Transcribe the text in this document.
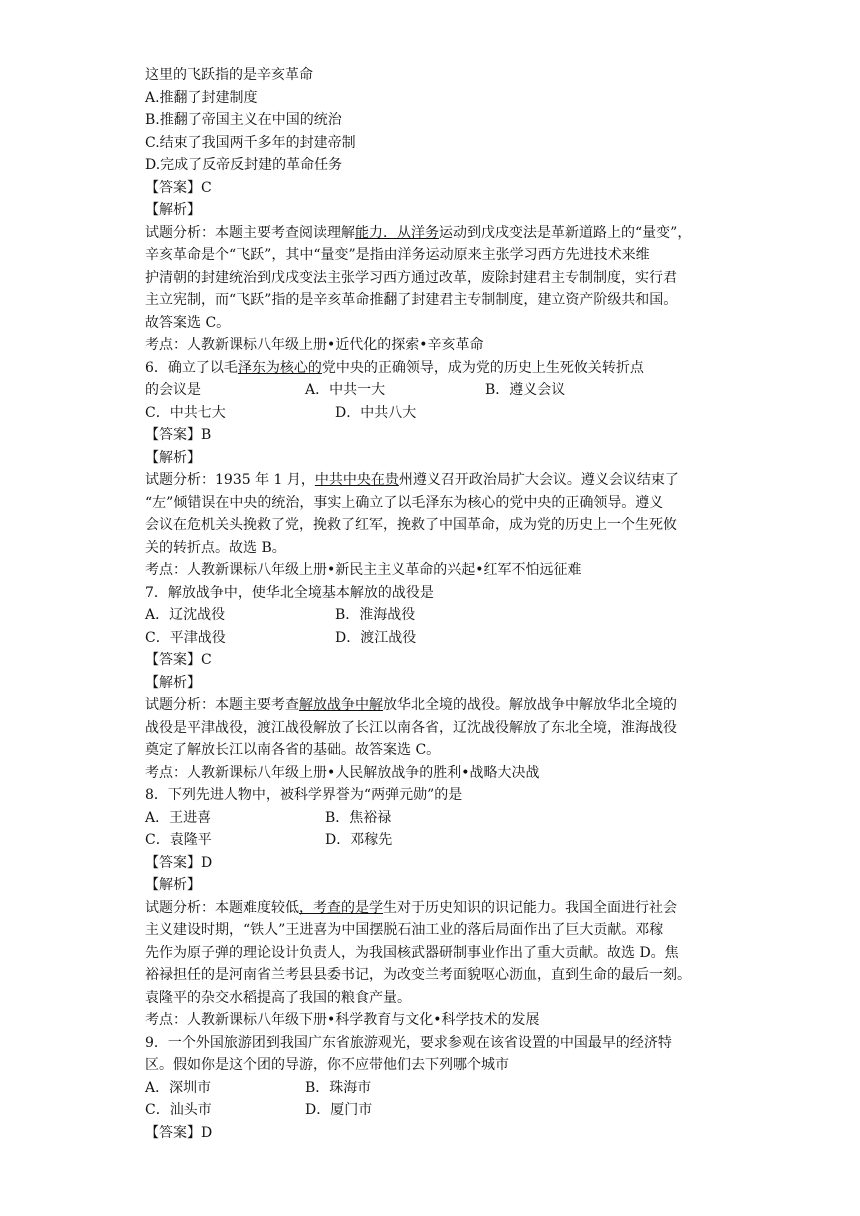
这里的飞跃指的是辛亥革命
A.推翻了封建制度
B.推翻了帝国主义在中国的统治
C.结束了我国两千多年的封建帝制
D.完成了反帝反封建的革命任务
【答案】C
【解析】
试题分析：本题主要考查阅读理解能力．从洋务运动到戊戌变法是革新道路上的“量变”，
辛亥革命是个“飞跃”，其中“量变”是指由洋务运动原来主张学习西方先进技术来维
护清朝的封建统治到戊戌变法主张学习西方通过改革，废除封建君主专制制度，实行君
主立宪制，而“飞跃”指的是辛亥革命推翻了封建君主专制制度，建立资产阶级共和国。
故答案选 C。
考点：人教新课标八年级上册•近代化的探索•辛亥革命
6．确立了以毛泽东为核心的党中央的正确领导，成为党的历史上生死攸关转折点
的会议是	A．中共一大	B．遵义会议
C．中共七大	D．中共八大
【答案】B
【解析】
试题分析：1935 年 1 月，中共中央在贵州遵义召开政治局扩大会议。遵义会议结束了
“左”倾错误在中央的统治，事实上确立了以毛泽东为核心的党中央的正确领导。遵义
会议在危机关头挽救了党，挽救了红军，挽救了中国革命，成为党的历史上一个生死攸
关的转折点。故选 B。
考点：人教新课标八年级上册•新民主主义革命的兴起•红军不怕远征难
7．解放战争中，使华北全境基本解放的战役是
A．辽沈战役	B．淮海战役
C．平津战役	D．渡江战役
【答案】C
【解析】
试题分析：本题主要考查解放战争中解放华北全境的战役。解放战争中解放华北全境的
战役是平津战役，渡江战役解放了长江以南各省，辽沈战役解放了东北全境，淮海战役
奠定了解放长江以南各省的基础。故答案选 C。
考点：人教新课标八年级上册•人民解放战争的胜利•战略大决战
8．下列先进人物中，被科学界誉为“两弹元勋”的是
A．王进喜	B．焦裕禄
C．袁隆平	D．邓稼先
【答案】D
【解析】
试题分析：本题难度较低，考查的是学生对于历史知识的识记能力。我国全面进行社会
主义建设时期，“铁人”王进喜为中国摆脱石油工业的落后局面作出了巨大贡献。邓稼
先作为原子弹的理论设计负责人，为我国核武器研制事业作出了重大贡献。故选 D。焦
裕禄担任的是河南省兰考县县委书记，为改变兰考面貌呕心沥血，直到生命的最后一刻。
袁隆平的杂交水稻提高了我国的粮食产量。
考点：人教新课标八年级下册•科学教育与文化•科学技术的发展
9．一个外国旅游团到我国广东省旅游观光，要求参观在该省设置的中国最早的经济特
区。假如你是这个团的导游，你不应带他们去下列哪个城市
A．深圳市	B．珠海市
C．汕头市	D．厦门市
【答案】D
